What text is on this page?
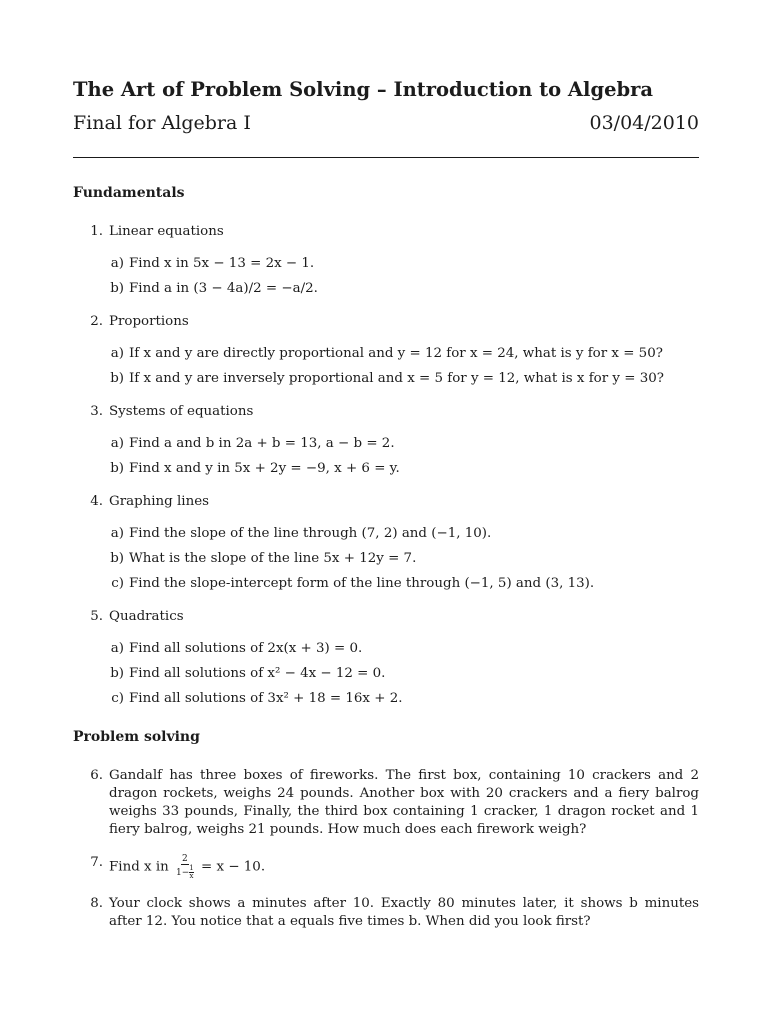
The Art of Problem Solving – Introduction to Algebra
Final for Algebra I	03/04/2010
Fundamentals
1. Linear equations
a) Find x in 5x − 13 = 2x − 1.
b) Find a in (3 − 4a)/2 = −a/2.
2. Proportions
a) If x and y are directly proportional and y = 12 for x = 24, what is y for x = 50?
b) If x and y are inversely proportional and x = 5 for y = 12, what is x for y = 30?
3. Systems of equations
a) Find a and b in 2a + b = 13, a − b = 2.
b) Find x and y in 5x + 2y = −9, x + 6 = y.
4. Graphing lines
a) Find the slope of the line through (7, 2) and (−1, 10).
b) What is the slope of the line 5x + 12y = 7.
c) Find the slope-intercept form of the line through (−1, 5) and (3, 13).
5. Quadratics
a) Find all solutions of 2x(x + 3) = 0.
b) Find all solutions of x² − 4x − 12 = 0.
c) Find all solutions of 3x² + 18 = 16x + 2.
Problem solving
6. Gandalf has three boxes of fireworks. The first box, containing 10 crackers and 2 dragon rockets, weighs 24 pounds. Another box with 20 crackers and a fiery balrog weighs 33 pounds, Finally, the third box containing 1 cracker, 1 dragon rocket and 1 fiery balrog, weighs 21 pounds. How much does each firework weigh?
7. Find x in $\frac{2}{1- \frac{1}{x}} = x - 10$.
8. Your clock shows a minutes after 10. Exactly 80 minutes later, it shows b minutes after 12. You notice that a equals five times b. When did you look first?
